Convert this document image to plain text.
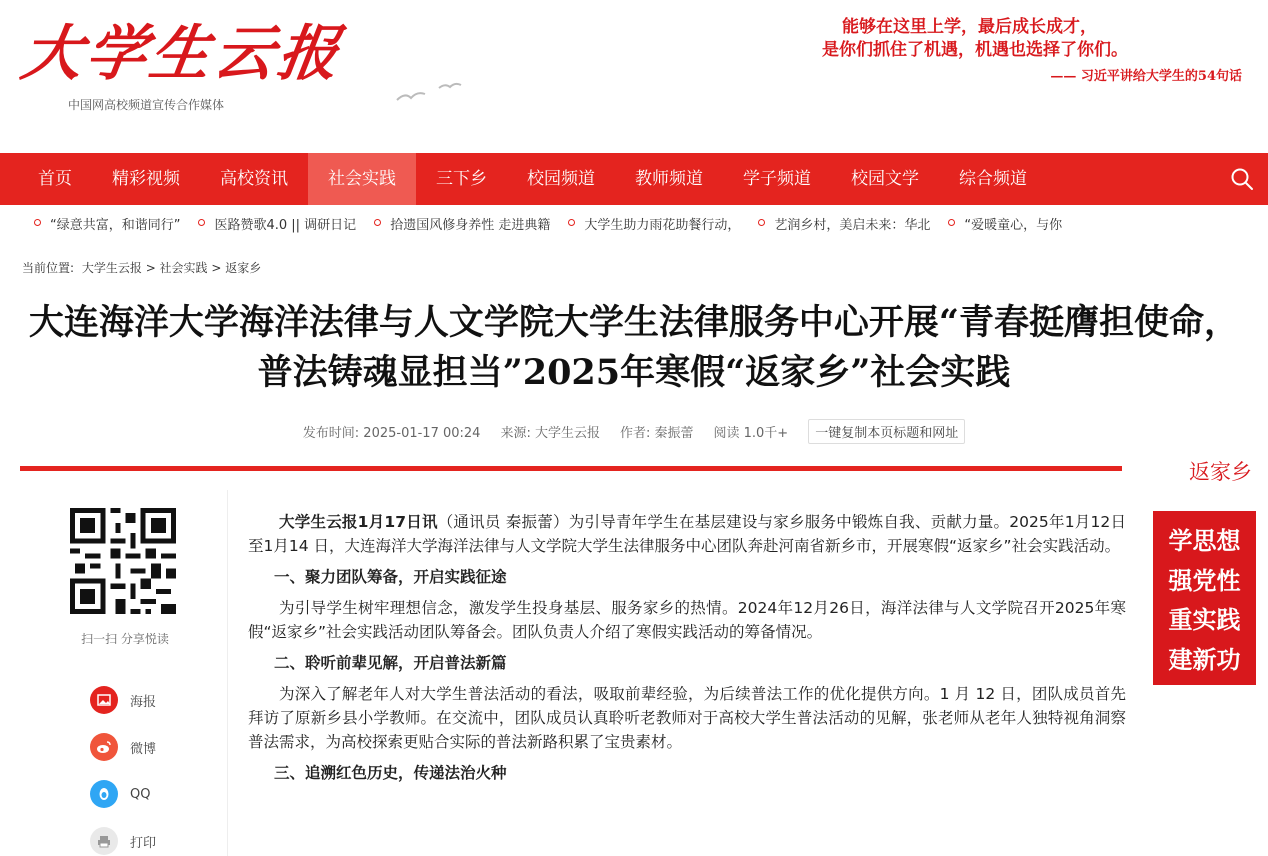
大学生云报
中国网高校频道宣传合作媒体
能够在这里上学，最后成长成才，
是你们抓住了机遇，机遇也选择了你们。
—— 习近平讲给大学生的54句话
首页	精彩视频	高校资讯	社会实践	三下乡	校园频道	教师频道	学子频道	校园文学	综合频道
“绿意共富，和谐同行”	医路赞歌4.0 || 调研日记	拾遗国风修身养性 走进典籍	大学生助力雨花助餐行动，	艺润乡村，美启未来：华北	“爱暖童心，与你
当前位置: 大学生云报 > 社会实践 > 返家乡
大连海洋大学海洋法律与人文学院大学生法律服务中心开展“青春挺膺担使命，普法铸魂显担当”2025年寒假“返家乡”社会实践
发布时间: 2025-01-17 00:24 来源: 大学生云报 作者: 秦振蕾 阅读 1.0千+	一键复制本页标题和网址
返家乡
扫一扫 分享悦读
海报
微博
QQ
打印

大学生云报1月17日讯（通讯员 秦振蕾）为引导青年学生在基层建设与家乡服务中锻炼自我、贡献力量。2025年1月12日至1月14 日，大连海洋大学海洋法律与人文学院大学生法律服务中心团队奔赴河南省新乡市，开展寒假“返家乡”社会实践活动。

一、聚力团队筹备，开启实践征途

为引导学生树牢理想信念，激发学生投身基层、服务家乡的热情。2024年12月26日，海洋法律与人文学院召开2025年寒假“返家乡”社会实践活动团队筹备会。团队负责人介绍了寒假实践活动的筹备情况。

二、聆听前辈见解，开启普法新篇

为深入了解老年人对大学生普法活动的看法，吸取前辈经验，为后续普法工作的优化提供方向。1 月 12 日，团队成员首先拜访了原新乡县小学教师。在交流中，团队成员认真聆听老教师对于高校大学生普法活动的见解，张老师从老年人独特视角洞察普法需求，为高校探索更贴合实际的普法新路积累了宝贵素材。

三、追溯红色历史，传递法治火种
学思想
强党性
重实践
建新功
